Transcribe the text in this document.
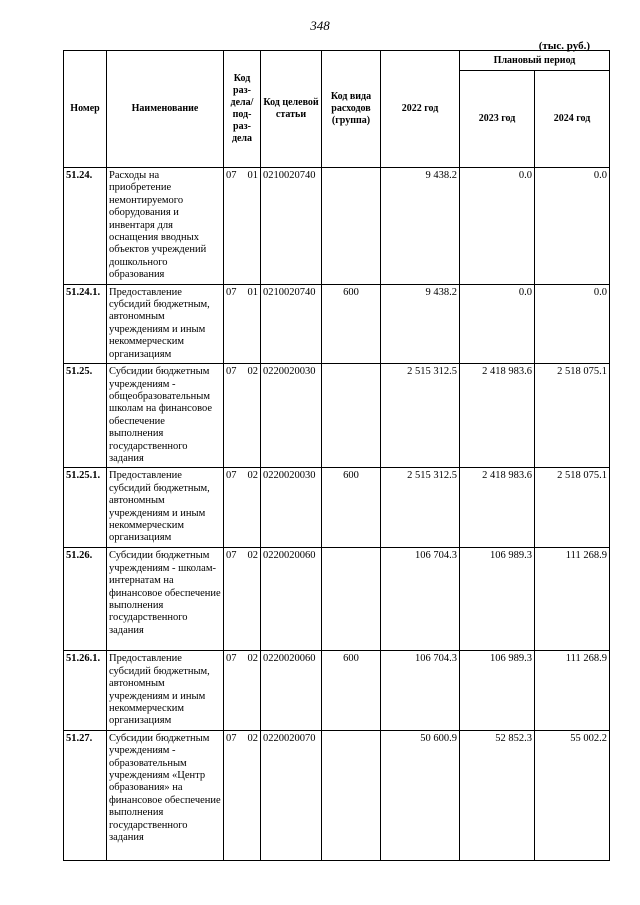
348
(тыс. руб.)
Номер	Наименование	Код раз-дела/ под-раз-дела	Код целевой статьи	Код вида расходов (группа)	2022 год	Плановый период	
						2023 год	2024 год
51.24.	Расходы на приобретение немонтируемого оборудования и инвентаря для оснащения вводных объектов учреждений дошкольного образования	07 01	0210020740		9 438.2	0.0	0.0
51.24.1.	Предоставление субсидий бюджетным, автономным учреждениям и иным некоммерческим организациям	07 01	0210020740	600	9 438.2	0.0	0.0
51.25.	Субсидии бюджетным учреждениям - общеобразовательным школам на финансовое обеспечение выполнения государственного задания	07 02	0220020030		2 515 312.5	2 418 983.6	2 518 075.1
51.25.1.	Предоставление субсидий бюджетным, автономным учреждениям и иным некоммерческим организациям	07 02	0220020030	600	2 515 312.5	2 418 983.6	2 518 075.1
51.26.	Субсидии бюджетным учреждениям - школам-интернатам на финансовое обеспечение выполнения государственного задания	07 02	0220020060		106 704.3	106 989.3	111 268.9
51.26.1.	Предоставление субсидий бюджетным, автономным учреждениям и иным некоммерческим организациям	07 02	0220020060	600	106 704.3	106 989.3	111 268.9
51.27.	Субсидии бюджетным учреждениям - образовательным учреждениям «Центр образования» на финансовое обеспечение выполнения государственного задания	07 02	0220020070		50 600.9	52 852.3	55 002.2
